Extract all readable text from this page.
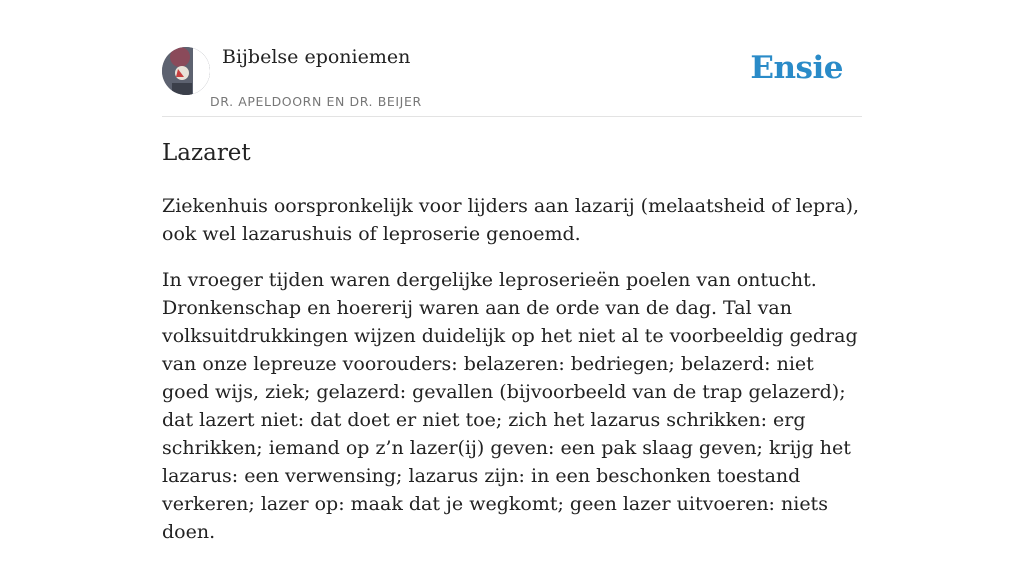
Bijbelse eponiemen
DR. APELDOORN EN DR. BEIJER
Ensie
Lazaret

Ziekenhuis oorspronkelijk voor lijders aan lazarij (melaatsheid of lepra), ook wel lazarushuis of leproserie genoemd.

In vroeger tijden waren dergelijke leproserieën poelen van ontucht. Dronkenschap en hoererij waren aan de orde van de dag. Tal van volksuitdrukkingen wijzen duidelijk op het niet al te voorbeeldig gedrag van onze lepreuze voorouders: belazeren: bedriegen; belazerd: niet goed wijs, ziek; gelazerd: gevallen (bijvoorbeeld van de trap gelazerd); dat lazert niet: dat doet er niet toe; zich het lazarus schrikken: erg schrikken; iemand op z’n lazer(ij) geven: een pak slaag geven; krijg het lazarus: een verwensing; lazarus zijn: in een beschonken toestand verkeren; lazer op: maak dat je wegkomt; geen lazer uitvoeren: niets doen.
